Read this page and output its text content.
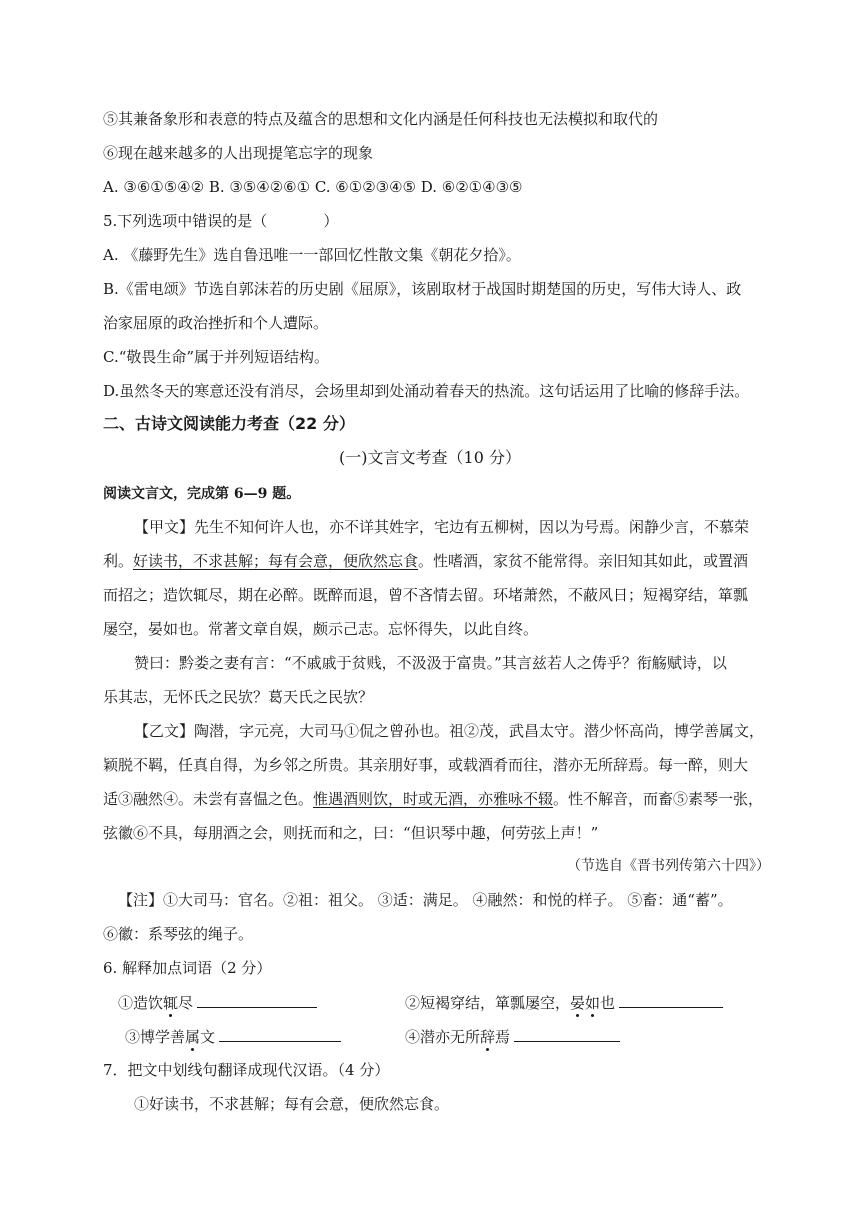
⑤其兼备象形和表意的特点及蕴含的思想和文化内涵是任何科技也无法模拟和取代的
⑥现在越来越多的人出现提笔忘字的现象
A. ③⑥①⑤④② B. ③⑤④②⑥① C. ⑥①②③④⑤ D. ⑥②①④③⑤
5.下列选项中错误的是（	）
A. 《藤野先生》选自鲁迅唯一一部回忆性散文集《朝花夕拾》。
B.《雷电颂》节选自郭沫若的历史剧《屈原》，该剧取材于战国时期楚国的历史，写伟大诗人、政
治家屈原的政治挫折和个人遭际。
C.“敬畏生命”属于并列短语结构。
D.虽然冬天的寒意还没有消尽，会场里却到处涌动着春天的热流。这句话运用了比喻的修辞手法。
二、古诗文阅读能力考查（22 分）
(一)文言文考查（10 分）
阅读文言文，完成第 6—9 题。
【甲文】先生不知何许人也，亦不详其姓字，宅边有五柳树，因以为号焉。闲静少言，不慕荣
利。好读书，不求甚解；每有会意，便欣然忘食。性嗜酒，家贫不能常得。亲旧知其如此，或置酒
而招之；造饮辄尽，期在必醉。既醉而退，曾不吝情去留。环堵萧然，不蔽风日；短褐穿结，箪瓢
屡空，晏如也。常著文章自娱，颇示己志。忘怀得失，以此自终。
赞曰：黔娄之妻有言：“不戚戚于贫贱，不汲汲于富贵。”其言兹若人之俦乎？衔觞赋诗，以
乐其志，无怀氏之民欤？葛天氏之民欤？
【乙文】陶潜，字元亮，大司马①侃之曾孙也。祖②茂，武昌太守。潜少怀高尚，博学善属文，
颖脱不羁，任真自得，为乡邻之所贵。其亲朋好事，或载酒肴而往，潜亦无所辞焉。每一醉，则大
适③融然④。未尝有喜愠之色。惟遇酒则饮，时或无酒，亦雅咏不辍。性不解音，而畜⑤素琴一张，
弦徽⑥不具，每朋酒之会，则抚而和之，曰：“但识琴中趣，何劳弦上声！”
（节选自《晋书列传第六十四》）
【注】①大司马：官名。②祖：祖父。 ③适：满足。 ④融然：和悦的样子。 ⑤畜：通“蓄”。
⑥徽：系琴弦的绳子。
6. 解释加点词语（2 分）
①造饮辄尽	②短褐穿结，箪瓢屡空，晏如也
③博学善属文	④潜亦无所辞焉
7．把文中划线句翻译成现代汉语。（4 分）
①好读书，不求甚解；每有会意，便欣然忘食。
